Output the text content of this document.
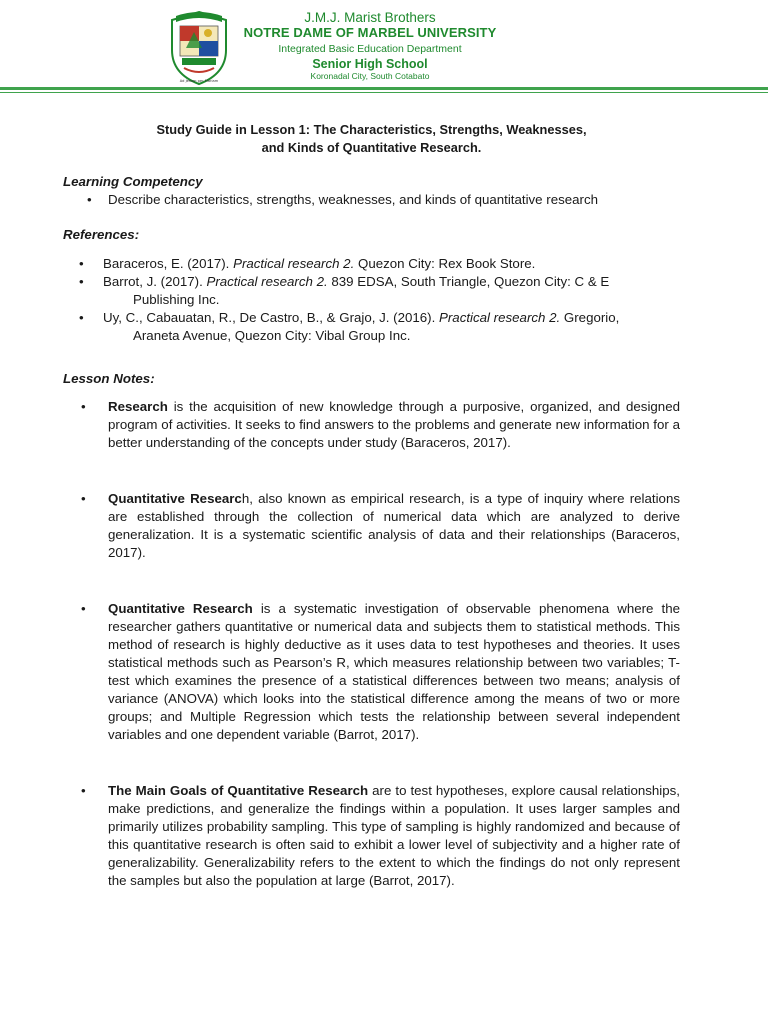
Ad Jesum per Mariam
J.M.J. Marist Brothers
NOTRE DAME OF MARBEL UNIVERSITY
Integrated Basic Education Department
Senior High School
Koronadal City, South Cotabato
Study Guide in Lesson 1: The Characteristics, Strengths, Weaknesses,
and Kinds of Quantitative Research.
Learning Competency
• Describe characteristics, strengths, weaknesses, and kinds of quantitative research
References:
• Baraceros, E. (2017). Practical research 2. Quezon City: Rex Book Store.
• Barrot, J. (2017). Practical research 2. 839 EDSA, South Triangle, Quezon City: C & E
Publishing Inc.
• Uy, C., Cabauatan, R., De Castro, B., & Grajo, J. (2016). Practical research 2. Gregorio,
Araneta Avenue, Quezon City: Vibal Group Inc.
Lesson Notes:
• Research is the acquisition of new knowledge through a purposive, organized, and designed program of activities. It seeks to find answers to the problems and generate new information for a better understanding of the concepts under study (Baraceros, 2017).
• Quantitative Research, also known as empirical research, is a type of inquiry where relations are established through the collection of numerical data which are analyzed to derive generalization. It is a systematic scientific analysis of data and their relationships (Baraceros, 2017).
• Quantitative Research is a systematic investigation of observable phenomena where the researcher gathers quantitative or numerical data and subjects them to statistical methods. This method of research is highly deductive as it uses data to test hypotheses and theories. It uses statistical methods such as Pearson’s R, which measures relationship between two variables; T-test which examines the presence of a statistical differences between two means; analysis of variance (ANOVA) which looks into the statistical difference among the means of two or more groups; and Multiple Regression which tests the relationship between several independent variables and one dependent variable (Barrot, 2017).
• The Main Goals of Quantitative Research are to test hypotheses, explore causal relationships, make predictions, and generalize the findings within a population. It uses larger samples and primarily utilizes probability sampling. This type of sampling is highly randomized and because of this quantitative research is often said to exhibit a lower level of subjectivity and a higher rate of generalizability. Generalizability refers to the extent to which the findings do not only represent the samples but also the population at large (Barrot, 2017).
